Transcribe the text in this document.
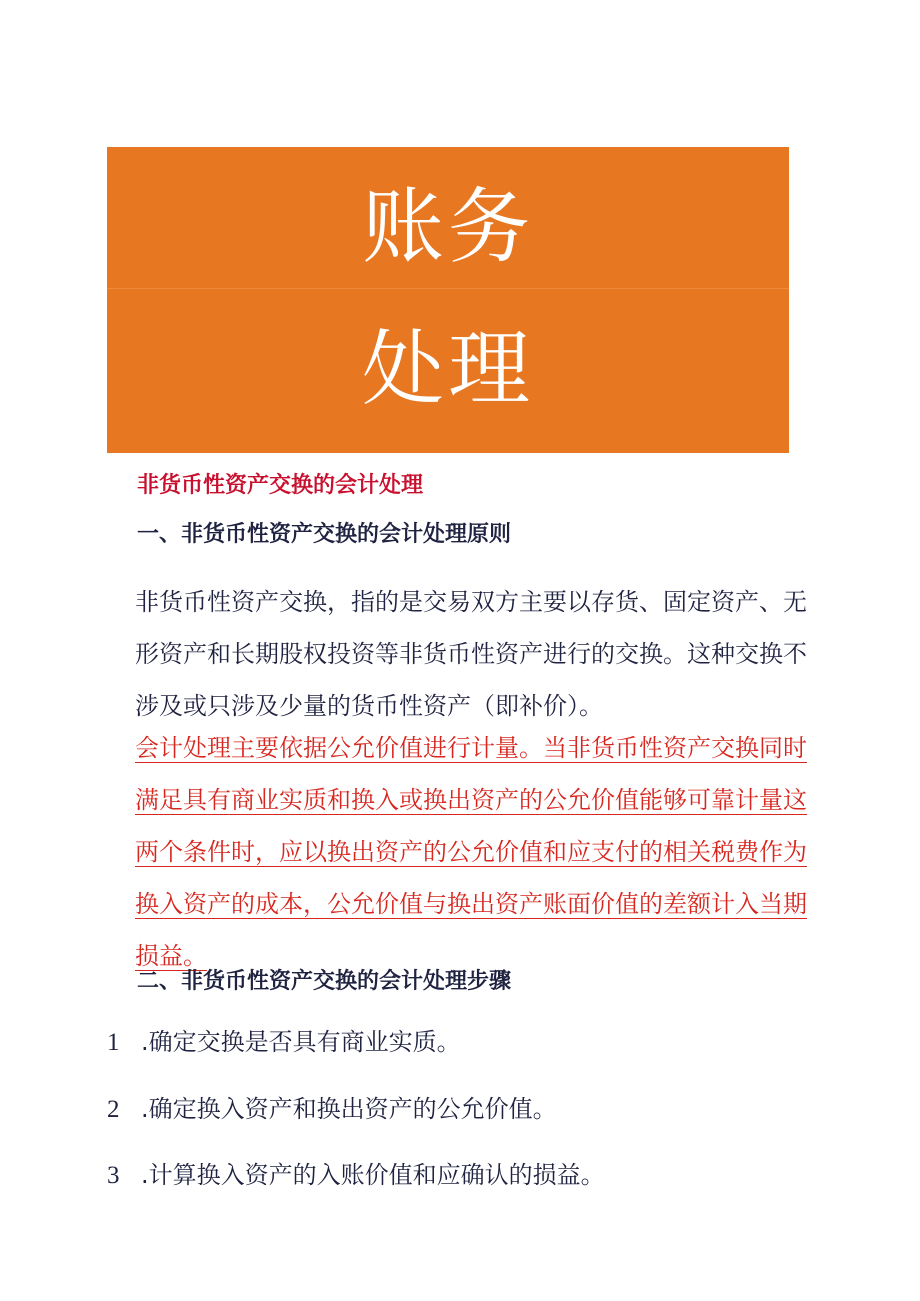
账务
处理
非货币性资产交换的会计处理
一、非货币性资产交换的会计处理原则
非货币性资产交换，指的是交易双方主要以存货、固定资产、无
形资产和长期股权投资等非货币性资产进行的交换。这种交换不
涉及或只涉及少量的货币性资产（即补价）。
会计处理主要依据公允价值进行计量。当非货币性资产交换同时
满足具有商业实质和换入或换出资产的公允价值能够可靠计量这
两个条件时，应以换出资产的公允价值和应支付的相关税费作为
换入资产的成本，公允价值与换出资产账面价值的差额计入当期
损益。
二、非货币性资产交换的会计处理步骤
1 .确定交换是否具有商业实质。
2 .确定换入资产和换出资产的公允价值。
3 .计算换入资产的入账价值和应确认的损益。
